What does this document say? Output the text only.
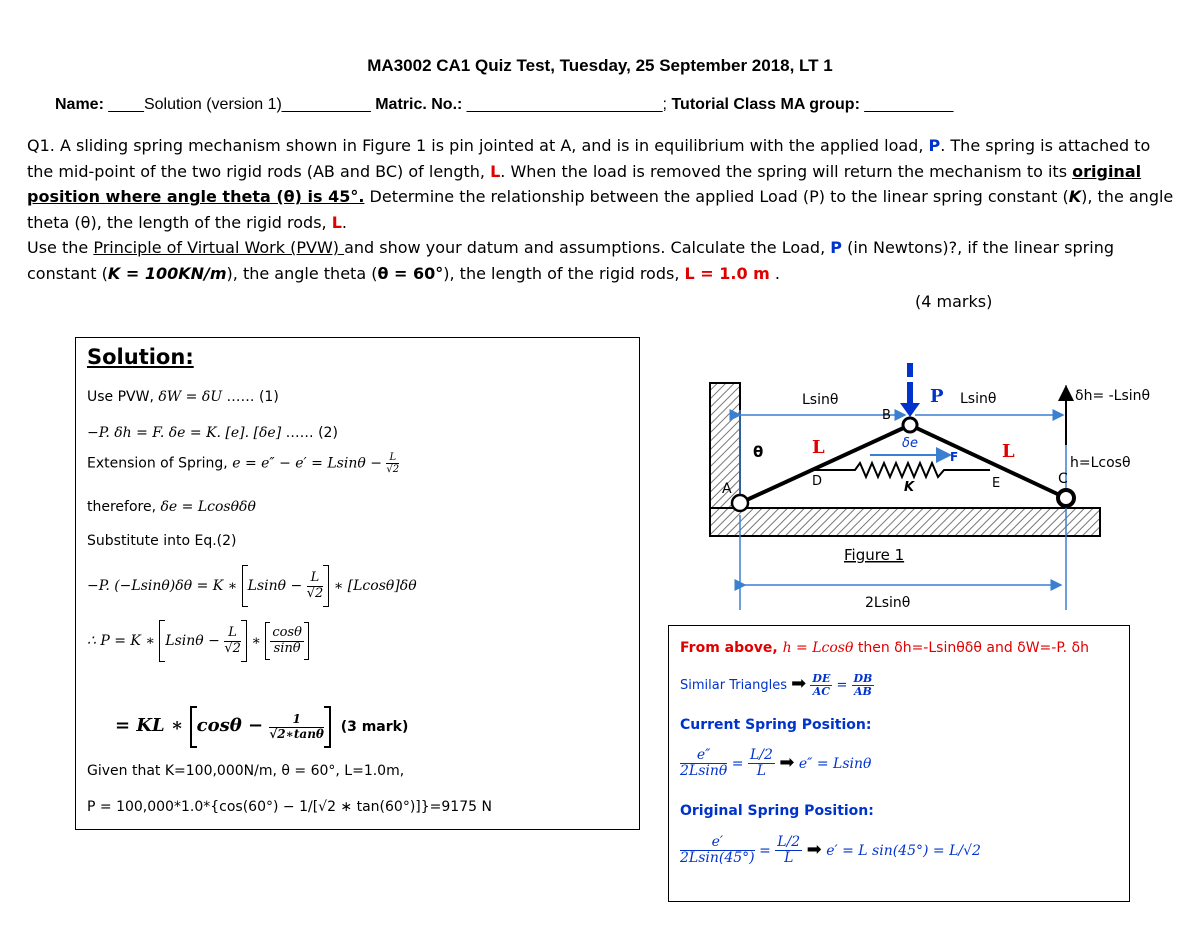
MA3002 CA1 Quiz Test, Tuesday, 25 September 2018, LT 1
Name: ____Solution (version 1)__________ Matric. No.: ______________________; Tutorial Class MA group: __________

Q1. A sliding spring mechanism shown in Figure 1 is pin jointed at A, and is in equilibrium with the applied load, P. The spring is attached to the mid-point of the two rigid rods (AB and BC) of length, L. When the load is removed the spring will return the mechanism to its original position where angle theta (θ) is 45°. Determine the relationship between the applied Load (P) to the linear spring constant (K), the angle theta (θ), the length of the rigid rods, L.

Use the Principle of Virtual Work (PVW) and show your datum and assumptions. Calculate the Load, P (in Newtons)?, if the linear spring constant (K = 100KN/m), the angle theta (θ = 60°), the length of the rigid rods, L = 1.0 m .

(4 marks)
Solution:
Use PVW, δW = δU …… (1)
−P. δh = F. δe = K. [e]. [δe] …… (2)
Extension of Spring, $e = e'' - e' = Lsin\theta - \frac{L}{√2}$
therefore, δe = Lcosθδθ
Substitute into Eq.(2)
−P. (−Lsinθ)δθ = K ∗ $Lsin\theta - \frac{L}{√2}$ ∗ [Lcosθ]δθ
∴ P = K ∗ $Lsin\theta - \frac{L}{√2}$ ∗ $\frac{\cos\theta}{\sin\theta}$
= KL ∗ $\cos\theta - \frac{1}{√2∗\tan\theta} (3$ mark)
Given that K=100,000N/m, θ = 60°, L=1.0m,
P = 100,000*1.0*{cos(60°) − 1/[√2 ∗ tan(60°)]}=9175 N
Lsinθ	P Lsinθ	δh= -Lsinθ
h=Lcosθ
θ	L	L
δe
F
K
A
B
C
D	E
Figure 1
2Lsinθ
From above, h = Lcosθ then δh=-Lsinθδθ and δW=-P. δh
Similar Triangles ➡ $\frac{DE}{AC} = \frac{DB}{AB}$
Current Spring Position:
$\frac{e''}{2Lsin\theta} = \frac{L/2}{L}$ ➡ e″ = Lsinθ
Original Spring Position:
$\frac{e'}{2Lsin(45^\circ)} = \frac{L/2}{L}$ ➡ e′ = L sin(45°) = L/√2
